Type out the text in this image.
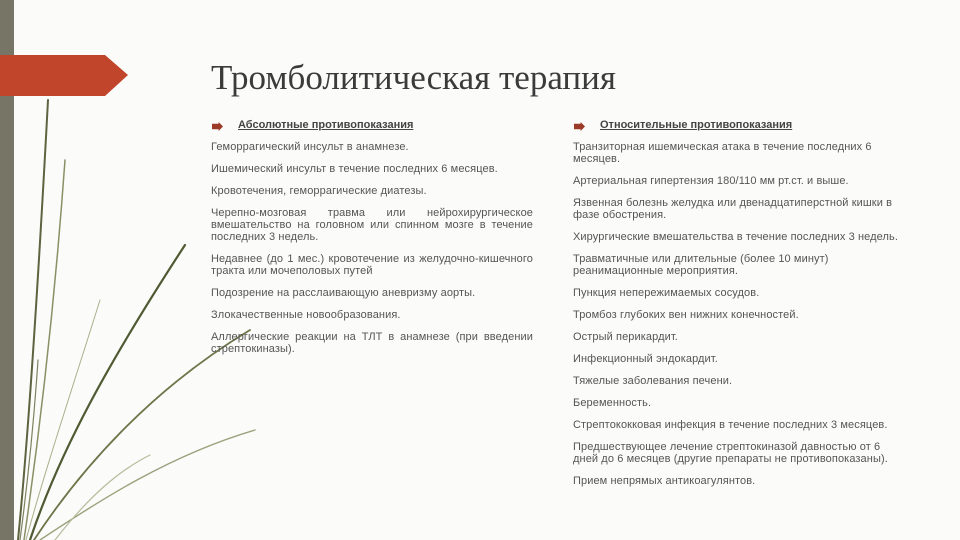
Тромболитическая терапия
Абсолютные противопоказания

Геморрагический инсульт в анамнезе.

Ишемический инсульт в течение последних 6 месяцев.

Кровотечения, геморрагические диатезы.

Черепно-мозговая травма или нейрохирургическое вмешательство на головном или спинном мозге в течение последних 3 недель.

Недавнее (до 1 мес.) кровотечение из желудочно-кишечного тракта или мочеполовых путей

Подозрение на расслаивающую аневризму аорты.

Злокачественные новообразования.

Аллергические реакции на ТЛТ в анамнезе (при введении стрептокиназы).

Относительные противопоказания

Транзиторная ишемическая атака в течение последних 6 месяцев.

Артериальная гипертензия 180/110 мм рт.ст. и выше.

Язвенная болезнь желудка или двенадцатиперстной кишки в фазе обострения.

Хирургические вмешательства в течение последних 3 недель.

Травматичные или длительные (более 10 минут) реанимационные мероприятия.

Пункция непережимаемых сосудов.

Тромбоз глубоких вен нижних конечностей.

Острый перикардит.

Инфекционный эндокардит.

Тяжелые заболевания печени.

Беременность.

Стрептококковая инфекция в течение последних 3 месяцев.

Предшествующее лечение стрептокиназой давностью от 6 дней до 6 месяцев (другие препараты не противопоказаны).

Прием непрямых антикоагулянтов.
